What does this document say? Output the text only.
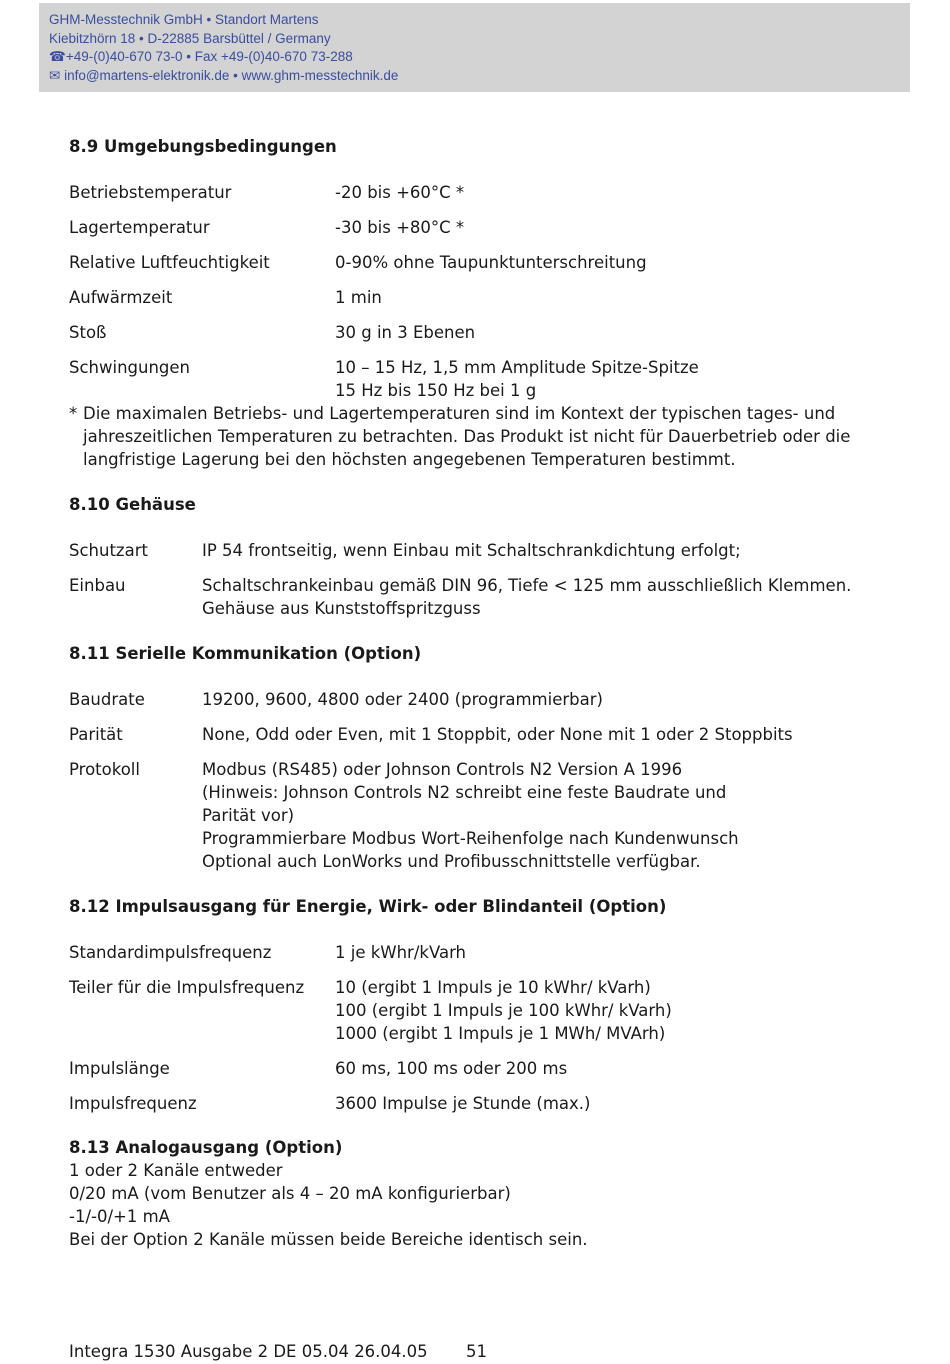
GHM-Messtechnik GmbH • Standort Martens
Kiebitzhörn 18 • D-22885 Barsbüttel / Germany
☎+49-(0)40-670 73-0 • Fax +49-(0)40-670 73-288
✉ info@martens-elektronik.de • www.ghm-messtechnik.de
8.9 Umgebungsbedingungen
Betriebstemperatur	-20 bis +60°C *
Lagertemperatur	-30 bis +80°C *
Relative Luftfeuchtigkeit	0-90% ohne Taupunktunterschreitung
Aufwärmzeit	1 min
Stoß	30 g in 3 Ebenen
Schwingungen	10 – 15 Hz, 1,5 mm Amplitude Spitze-Spitze
15 Hz bis 150 Hz bei 1 g
* Die maximalen Betriebs- und Lagertemperaturen sind im Kontext der typischen tages- und
jahreszeitlichen Temperaturen zu betrachten. Das Produkt ist nicht für Dauerbetrieb oder die
langfristige Lagerung bei den höchsten angegebenen Temperaturen bestimmt.
8.10 Gehäuse
Schutzart	IP 54 frontseitig, wenn Einbau mit Schaltschrankdichtung erfolgt;
Einbau	Schaltschrankeinbau gemäß DIN 96, Tiefe < 125 mm ausschließlich Klemmen.
Gehäuse aus Kunststoffspritzguss
8.11 Serielle Kommunikation (Option)
Baudrate	19200, 9600, 4800 oder 2400 (programmierbar)
Parität	None, Odd oder Even, mit 1 Stoppbit, oder None mit 1 oder 2 Stoppbits
Protokoll	Modbus (RS485) oder Johnson Controls N2 Version A 1996
(Hinweis: Johnson Controls N2 schreibt eine feste Baudrate und
Parität vor)
Programmierbare Modbus Wort-Reihenfolge nach Kundenwunsch
Optional auch LonWorks und Profibusschnittstelle verfügbar.
8.12 Impulsausgang für Energie, Wirk- oder Blindanteil (Option)
Standardimpulsfrequenz	1 je kWhr/kVarh
Teiler für die Impulsfrequenz	10 (ergibt 1 Impuls je 10 kWhr/ kVarh)
100 (ergibt 1 Impuls je 100 kWhr/ kVarh)
1000 (ergibt 1 Impuls je 1 MWh/ MVArh)
Impulslänge	60 ms, 100 ms oder 200 ms
Impulsfrequenz	3600 Impulse je Stunde (max.)
8.13 Analogausgang (Option)
1 oder 2 Kanäle entweder
0/20 mA (vom Benutzer als 4 – 20 mA konfigurierbar)
-1/-0/+1 mA
Bei der Option 2 Kanäle müssen beide Bereiche identisch sein.
Integra 1530 Ausgabe 2 DE 05.04 26.04.05 51
